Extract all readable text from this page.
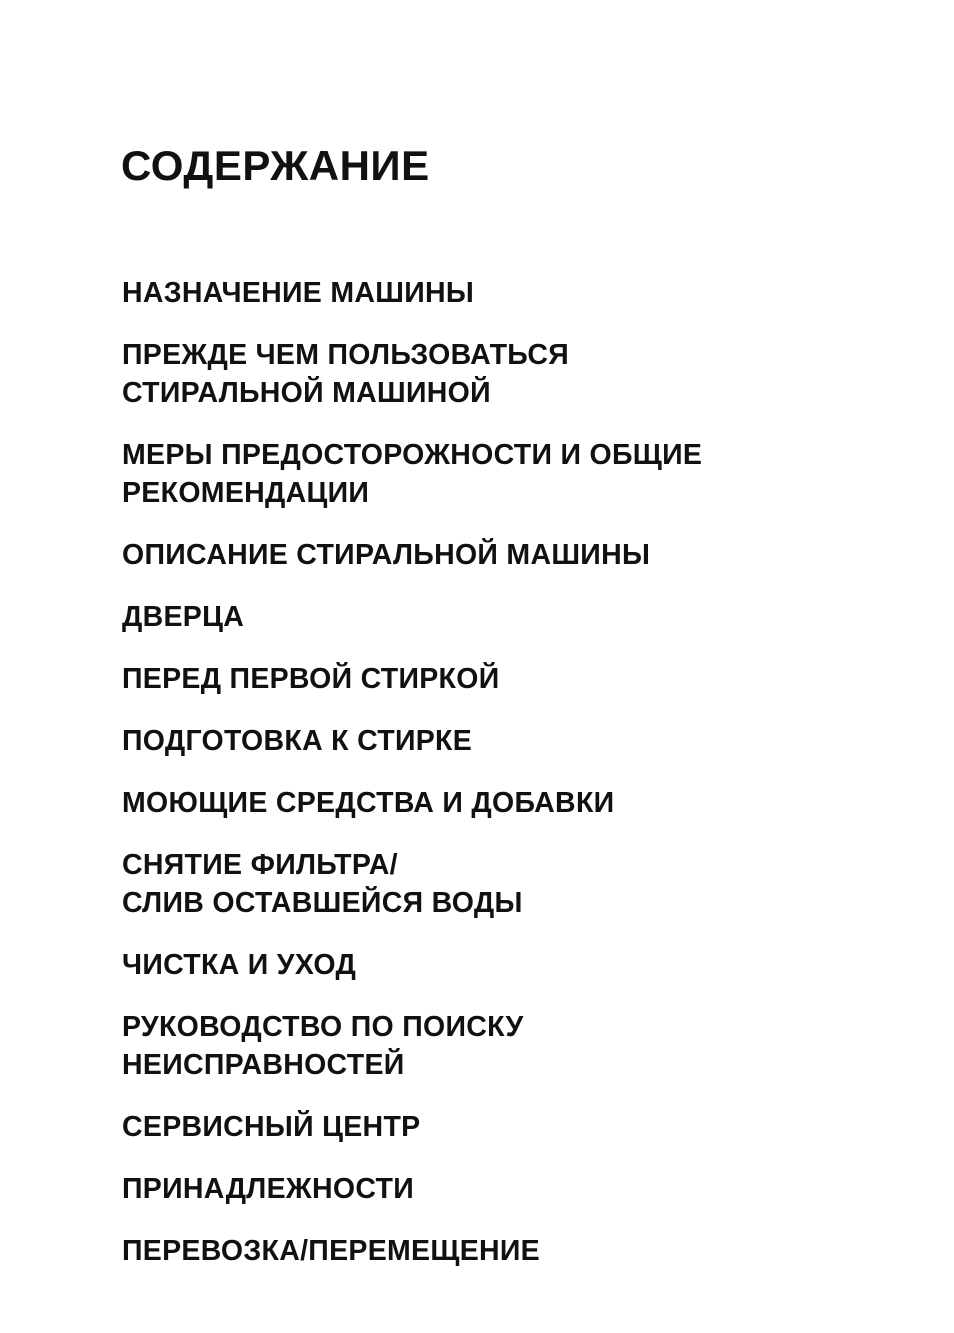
СОДЕРЖАНИЕ
НАЗНАЧЕНИЕ МАШИНЫ
ПРЕЖДЕ ЧЕМ ПОЛЬЗОВАТЬСЯ
СТИРАЛЬНОЙ МАШИНОЙ
МЕРЫ ПРЕДОСТОРОЖНОСТИ И ОБЩИЕ
РЕКОМЕНДАЦИИ
ОПИСАНИЕ СТИРАЛЬНОЙ МАШИНЫ
ДВЕРЦА
ПЕРЕД ПЕРВОЙ СТИРКОЙ
ПОДГОТОВКА К СТИРКЕ
МОЮЩИЕ СРЕДСТВА И ДОБАВКИ
СНЯТИЕ ФИЛЬТРА/
СЛИВ ОСТАВШЕЙСЯ ВОДЫ
ЧИСТКА И УХОД
РУКОВОДСТВО ПО ПОИСКУ
НЕИСПРАВНОСТЕЙ
СЕРВИСНЫЙ ЦЕНТР
ПРИНАДЛЕЖНОСТИ
ПЕРЕВОЗКА/ПЕРЕМЕЩЕНИЕ
